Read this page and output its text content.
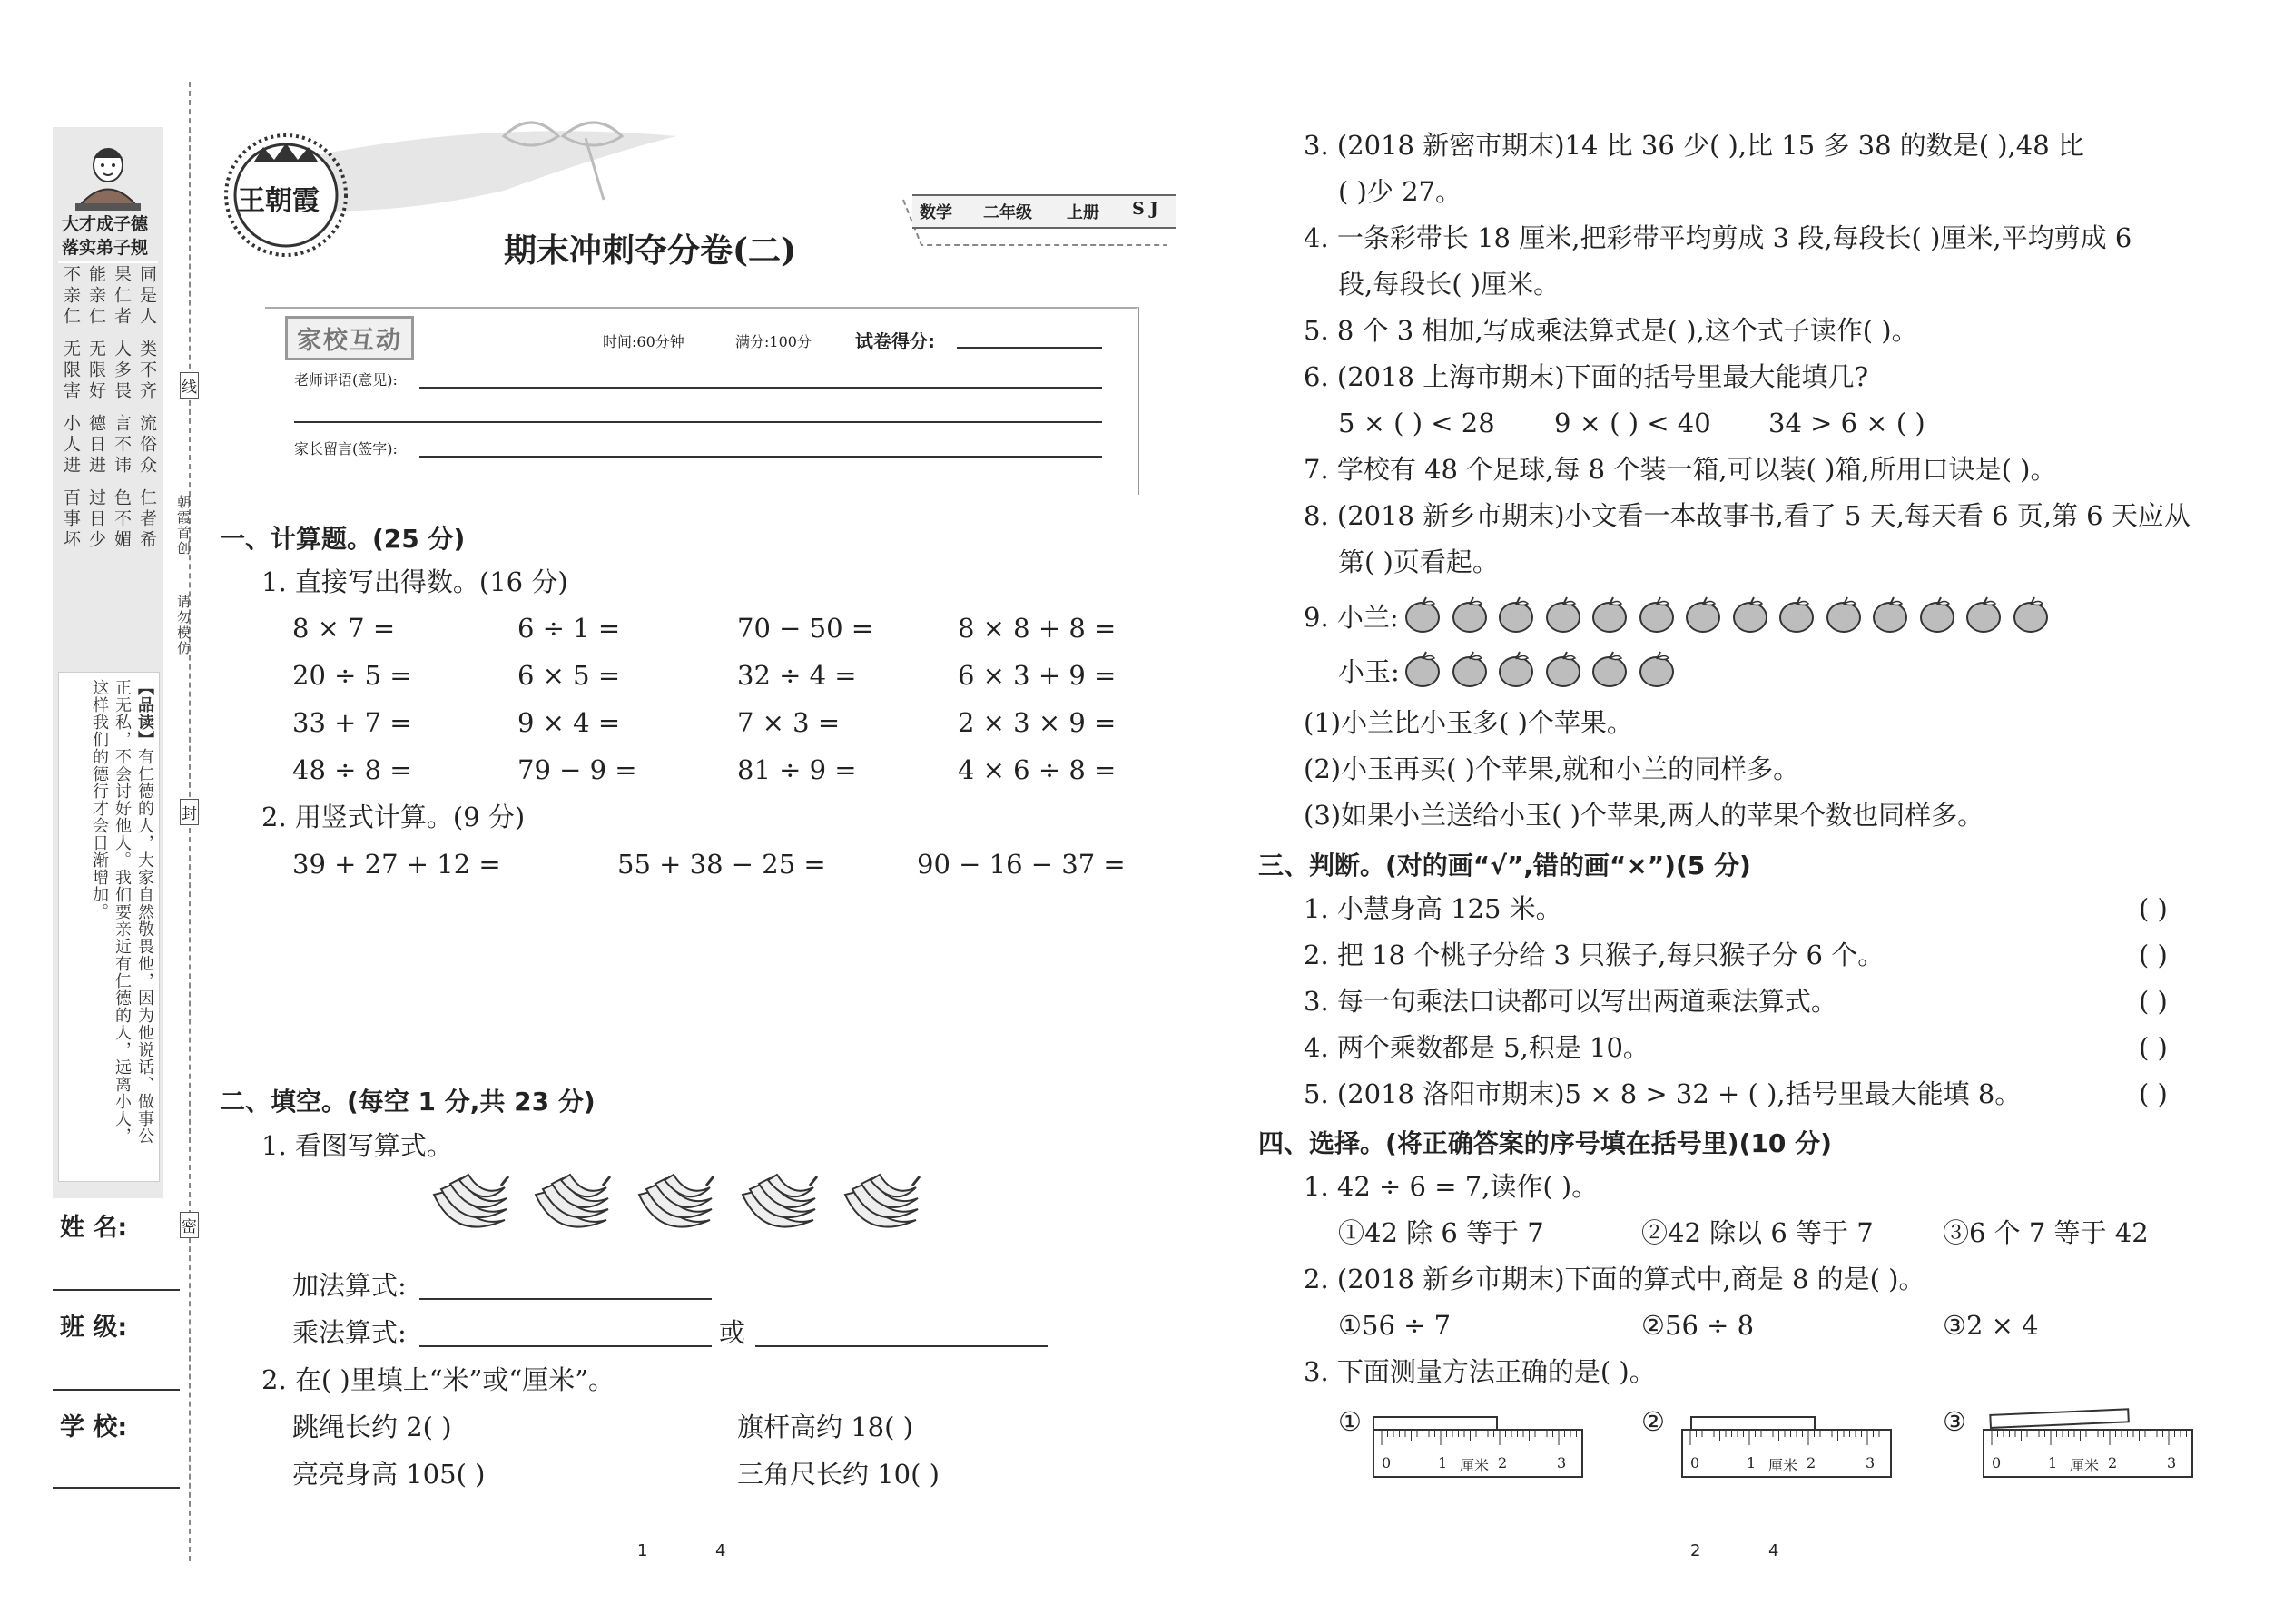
大才成子德
落实弟子规
同是人
类不齐
流俗众
仁者希
果仁者
人多畏
言不讳
色不媚
能亲仁
无限好
德日进
过日少
不亲仁
无限害
小人进
百事坏
【品读】有仁德的人，大家自然敬畏他，因为他说话、做事公正无私，不会讨好他人。我们要亲近有仁德的人，远离小人，这样我们的德行才会日渐增加。
姓 名:
班 级:
学 校:
线
封
密
朝霞首创
请勿模仿
王朝霞
期末冲刺夺分卷(二)
数学 二年级 上册 SJ
家校互动	时间:60分钟	满分:100分 试卷得分:
老师评语(意见):
家长留言(签字):
一、计算题。(25 分)
1. 直接写出得数。(16 分)
8 × 7 =	6 ÷ 1 =	70 − 50 =	8 × 8 + 8 =
20 ÷ 5 =	6 × 5 =	32 ÷ 4 =	6 × 3 + 9 =
33 + 7 =	9 × 4 =	7 × 3 =	2 × 3 × 9 =
48 ÷ 8 =	79 − 9 =	81 ÷ 9 =	4 × 6 ÷ 8 =
2. 用竖式计算。(9 分)
39 + 27 + 12 =	55 + 38 − 25 =	90 − 16 − 37 =
二、填空。(每空 1 分,共 23 分)
1. 看图写算式。
加法算式:
乘法算式:	或
2. 在( )里填上“米”或“厘米”。
跳绳长约 2( )	旗杆高约 18( )
亮亮身高 105( )	三角尺长约 10( )
1	4
3. (2018 新密市期末)14 比 36 少( ),比 15 多 38 的数是( ),48 比
( )少 27。
4. 一条彩带长 18 厘米,把彩带平均剪成 3 段,每段长( )厘米,平均剪成 6
段,每段长( )厘米。
5. 8 个 3 相加,写成乘法算式是( ),这个式子读作( )。
6. (2018 上海市期末)下面的括号里最大能填几?
5 × ( ) < 28 9 × ( ) < 40 34 > 6 × ( )
7. 学校有 48 个足球,每 8 个装一箱,可以装( )箱,所用口诀是( )。
8. (2018 新乡市期末)小文看一本故事书,看了 5 天,每天看 6 页,第 6 天应从
第( )页看起。
9. 小兰:
小玉:
(1)小兰比小玉多( )个苹果。
(2)小玉再买( )个苹果,就和小兰的同样多。
(3)如果小兰送给小玉( )个苹果,两人的苹果个数也同样多。
三、判断。(对的画“√”,错的画“×”)(5 分)
1. 小慧身高 125 米。	( )
2. 把 18 个桃子分给 3 只猴子,每只猴子分 6 个。	( )
3. 每一句乘法口诀都可以写出两道乘法算式。	( )
4. 两个乘数都是 5,积是 10。	( )
5. (2018 洛阳市期末)5 × 8 > 32 + ( ),括号里最大能填 8。	( )
四、选择。(将正确答案的序号填在括号里)(10 分)
1. 42 ÷ 6 = 7,读作( )。
①42 除 6 等于 7	②42 除以 6 等于 7	③6 个 7 等于 42
2. (2018 新乡市期末)下面的算式中,商是 8 的是( )。
①56 ÷ 7	②56 ÷ 8	③2 × 4
3. 下面测量方法正确的是( )。
①
0	1 厘米 2	3
②
0	1 厘米 2	3
③
0	1 厘米 2	3
2	4
